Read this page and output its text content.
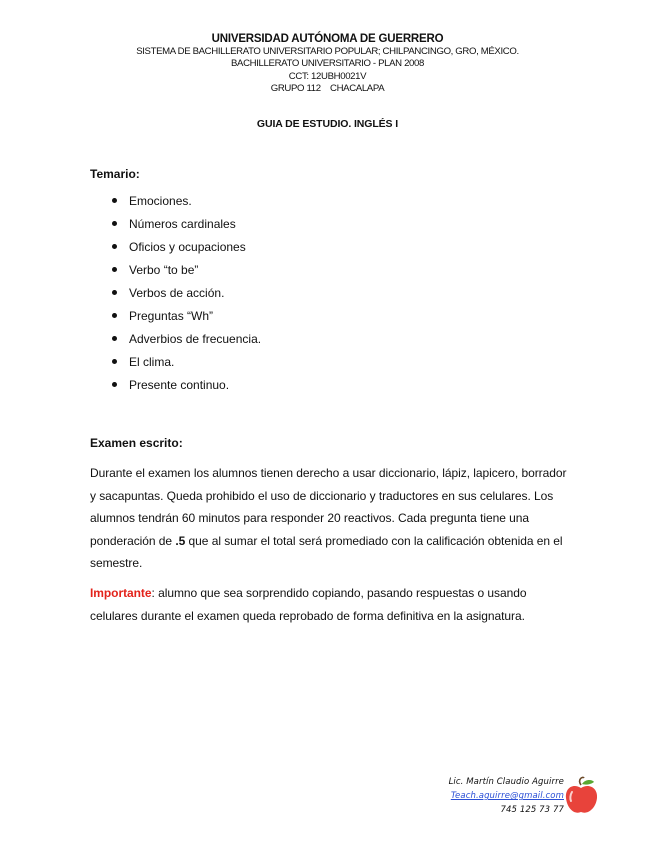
UNIVERSIDAD AUTÓNOMA DE GUERRERO
SISTEMA DE BACHILLERATO UNIVERSITARIO POPULAR; CHILPANCINGO, GRO, MÉXICO.
BACHILLERATO UNIVERSITARIO - PLAN 2008
CCT: 12UBH0021V
GRUPO 112    CHACALAPA
GUIA DE ESTUDIO. INGLÉS I
Temario:
Emociones.
Números cardinales
Oficios y ocupaciones
Verbo “to be”
Verbos de acción.
Preguntas “Wh”
Adverbios de frecuencia.
El clima.
Presente continuo.
Examen escrito:

Durante el examen los alumnos tienen derecho a usar diccionario, lápiz, lapicero, borrador y sacapuntas. Queda prohibido el uso de diccionario y traductores en sus celulares. Los alumnos tendrán 60 minutos para responder 20 reactivos. Cada pregunta tiene una ponderación de .5 que al sumar el total será promediado con la calificación obtenida en el semestre.

Importante: alumno que sea sorprendido copiando, pasando respuestas o usando celulares durante el examen queda reprobado de forma definitiva en la asignatura.

Lic. Martín Claudio Aguirre
Teach.aguirre@gmail.com
745 125 73 77
